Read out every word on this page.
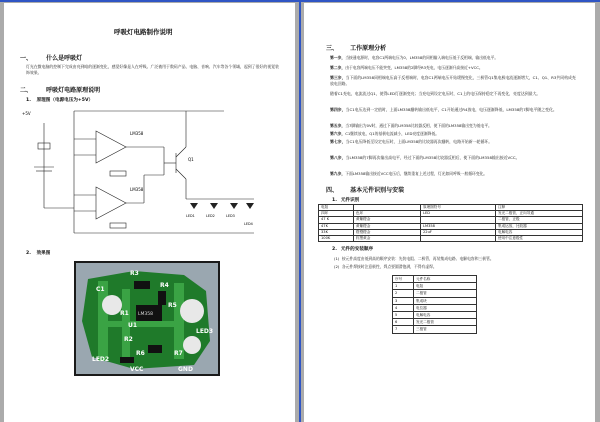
呼吸灯电路制作说明
一、 什么是呼吸灯
灯光在微电脑的控制下完成由亮到暗的逐渐变化，感觉好像是人在呼吸。广泛被用于数码产品、电脑、音响、汽车等各个领域，起到了很好的视觉装饰效果。
二、 呼吸灯电路原理说明
1. 原理图（电源电压为+5V）
LM358
LM358
Q1
+5V
LED1	LED2	LED3
LED4
2. 效果图
R3
R4
C1
R5
R1
U1
R2
LED3
R6	R7
LED2
VCC	GND
LM358
三、 工作原理分析
第一步，当接通电源时，电容C1两端电压为0，LM358的同相输入端电压低于反相端，输出低电平。
第二步，由于电容两端电压不能突变，LM358的2脚经R3充电，电压逐渐升高接近+VCC。
第三步，当下面的LM358同相端电压高于反相端时，电容C1两端电压开始缓慢变化，三极管Q1集电极电流逐渐增大，C1、Q1、R3共同构成充放电回路。
随着C1充电，电流流过Q1，使得LED灯逐渐变亮；当充电到设定电压时，C1上的电压保持稳定不再变化，亮度达到最大。
第四步，当C1电压达到一定值时，上面LM358翻转输出低电平，C1开始通过R4放电，电压逐渐降低，LM358的7脚电平随之变化。
第五步，当7脚输出为0V时，通过下面的LM358比较器反相，使下面的LM358输出变为低电平。
第六步，C1继续放电，Q1的基极电流减小，LED亮度逐渐降低。
第七步，当C1电压降低至设定电压时，上面LM358的比较器再次翻转，电路开始新一轮循环。
第八步，当LM358的7脚再次输出高电平，经过下面的LM358比较器反相后，使下面的LM358输出接近VCC。
第九步，下面LM358输出接近VCC电压后，继续重复上述过程，灯光如同呼吸一般循环变化。
四、 基本元件识别与安装
1. 元件识别
电阻		原理图符号	注释
四环	色环	LED	发光二极管，正向导通
47 K	黄紫橙金		二极管，正极
47K	黄紫橙金	LM358	集成运放，比较器
33K	橙橙橙金	22uF	电解电容
100K	棕黑黄金		使用中注意极性
2. 元件的安装顺序
(1) 按元件高度由低到高的顺序安装：先装电阻、二极管，再装集成电路、电解电容和三极管。
(2) 各元件焊接时注意极性，焊点要圆滑饱满，不得有虚焊。
序号	元件名称
1	电阻
2	二极管
3	集成块
4	电位器
5	电解电容
6	发光二极管
7	三极管
